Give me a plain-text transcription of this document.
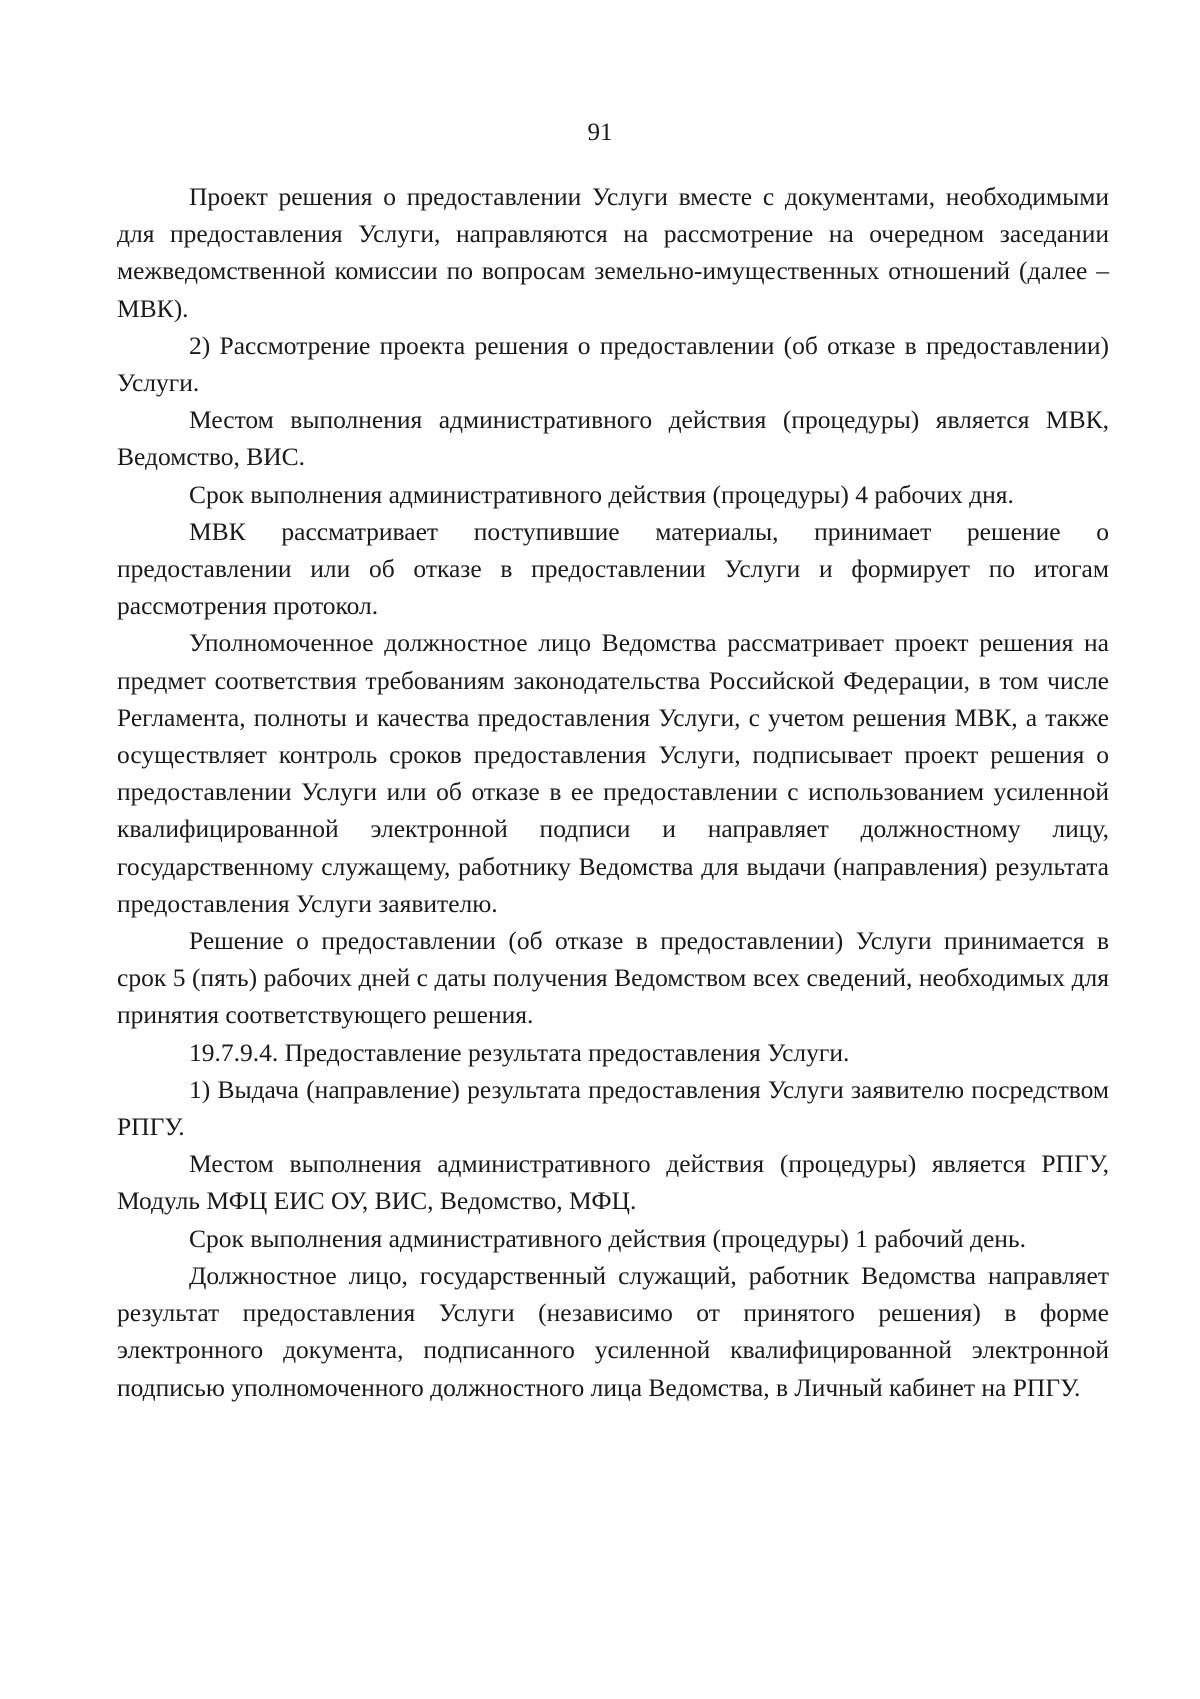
91

Проект решения о предоставлении Услуги вместе с документами, необходимыми для предоставления Услуги, направляются на рассмотрение на очередном заседании межведомственной комиссии по вопросам земельно-имущественных отношений (далее – МВК).

2) Рассмотрение проекта решения о предоставлении (об отказе в предоставлении) Услуги.

Местом выполнения административного действия (процедуры) является МВК, Ведомство, ВИС.

Срок выполнения административного действия (процедуры) 4 рабочих дня.

МВК рассматривает поступившие материалы, принимает решение о предоставлении или об отказе в предоставлении Услуги и формирует по итогам рассмотрения протокол.

Уполномоченное должностное лицо Ведомства рассматривает проект решения на предмет соответствия требованиям законодательства Российской Федерации, в том числе Регламента, полноты и качества предоставления Услуги, с учетом решения МВК, а также осуществляет контроль сроков предоставления Услуги, подписывает проект решения о предоставлении Услуги или об отказе в ее предоставлении с использованием усиленной квалифицированной электронной подписи и направляет должностному лицу, государственному служащему, работнику Ведомства для выдачи (направления) результата предоставления Услуги заявителю.

Решение о предоставлении (об отказе в предоставлении) Услуги принимается в срок 5 (пять) рабочих дней с даты получения Ведомством всех сведений, необходимых для принятия соответствующего решения.

19.7.9.4. Предоставление результата предоставления Услуги.

1) Выдача (направление) результата предоставления Услуги заявителю посредством РПГУ.

Местом выполнения административного действия (процедуры) является РПГУ, Модуль МФЦ ЕИС ОУ, ВИС, Ведомство, МФЦ.

Срок выполнения административного действия (процедуры) 1 рабочий день.

Должностное лицо, государственный служащий, работник Ведомства направляет результат предоставления Услуги (независимо от принятого решения) в форме электронного документа, подписанного усиленной квалифицированной электронной подписью уполномоченного должностного лица Ведомства, в Личный кабинет на РПГУ.
